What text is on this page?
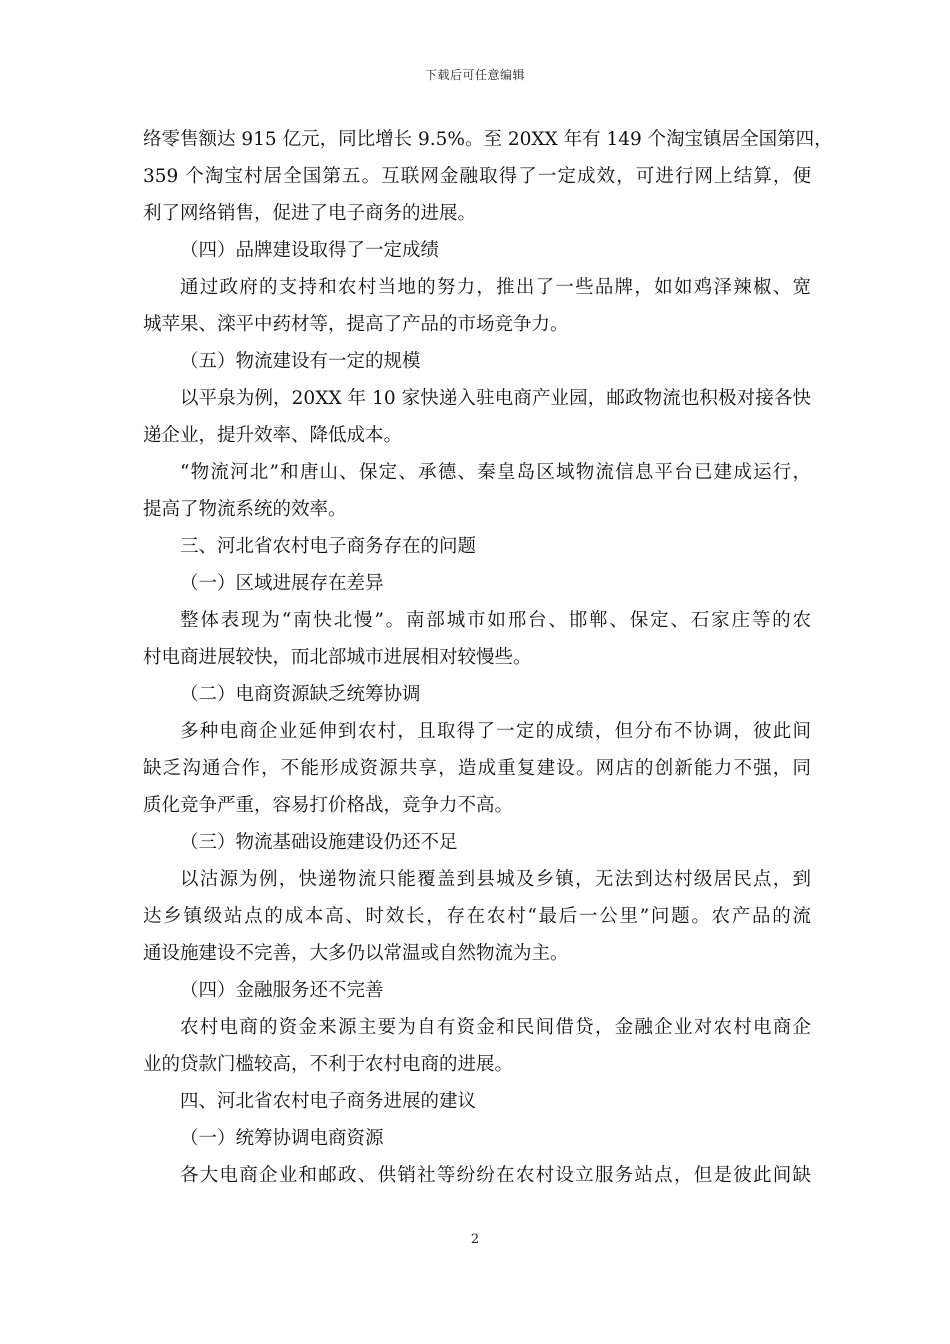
下载后可任意编辑
络零售额达 915 亿元，同比增长 9.5%。至 20XX 年有 149 个淘宝镇居全国第四，
359 个淘宝村居全国第五。互联网金融取得了一定成效，可进行网上结算，便
利了网络销售，促进了电子商务的进展。
（四）品牌建设取得了一定成绩
通过政府的支持和农村当地的努力，推出了一些品牌，如如鸡泽辣椒、宽
城苹果、滦平中药材等，提高了产品的市场竞争力。
（五）物流建设有一定的规模
以平泉为例，20XX 年 10 家快递入驻电商产业园，邮政物流也积极对接各快
递企业，提升效率、降低成本。
“物流河北”和唐山、保定、承德、秦皇岛区域物流信息平台已建成运行，
提高了物流系统的效率。
三、河北省农村电子商务存在的问题
（一）区域进展存在差异
整体表现为“南快北慢”。南部城市如邢台、邯郸、保定、石家庄等的农
村电商进展较快，而北部城市进展相对较慢些。
（二）电商资源缺乏统筹协调
多种电商企业延伸到农村，且取得了一定的成绩，但分布不协调，彼此间
缺乏沟通合作，不能形成资源共享，造成重复建设。网店的创新能力不强，同
质化竞争严重，容易打价格战，竞争力不高。
（三）物流基础设施建设仍还不足
以沽源为例，快递物流只能覆盖到县城及乡镇，无法到达村级居民点，到
达乡镇级站点的成本高、时效长，存在农村“最后一公里”问题。农产品的流
通设施建设不完善，大多仍以常温或自然物流为主。
（四）金融服务还不完善
农村电商的资金来源主要为自有资金和民间借贷，金融企业对农村电商企
业的贷款门槛较高，不利于农村电商的进展。
四、河北省农村电子商务进展的建议
（一）统筹协调电商资源
各大电商企业和邮政、供销社等纷纷在农村设立服务站点，但是彼此间缺
2
